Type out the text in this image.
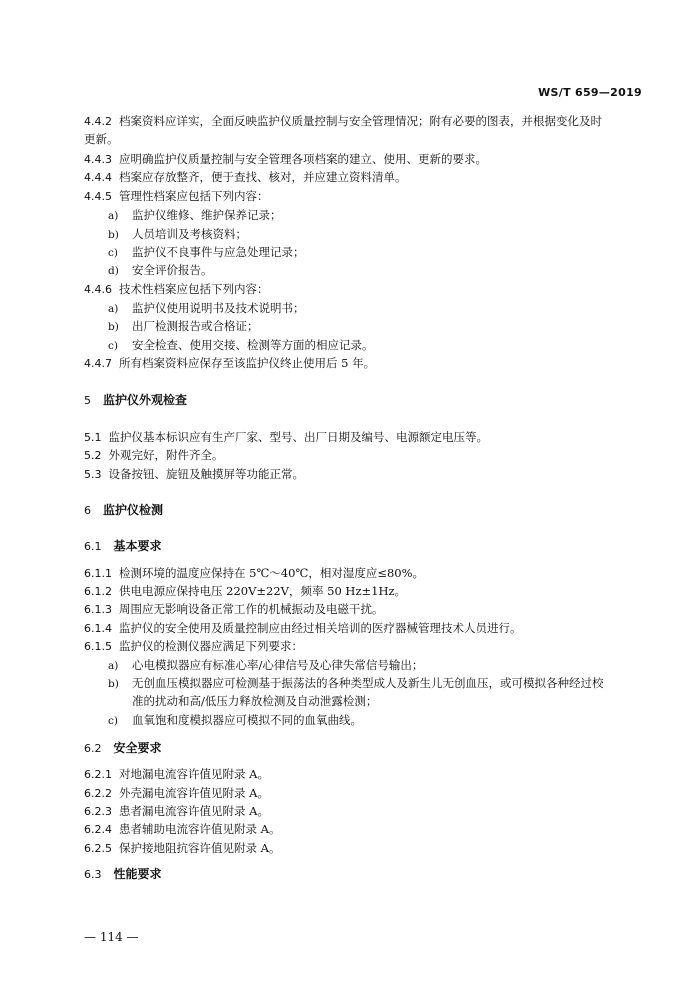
WS/T 659—2019
4.4.2 档案资料应详实，全面反映监护仪质量控制与安全管理情况；附有必要的图表，并根据变化及时
更新。
4.4.3 应明确监护仪质量控制与安全管理各项档案的建立、使用、更新的要求。
4.4.4 档案应存放整齐，便于查找、核对，并应建立资料清单。
4.4.5 管理性档案应包括下列内容：
a) 监护仪维修、维护保养记录；
b) 人员培训及考核资料；
c) 监护仪不良事件与应急处理记录；
d) 安全评价报告。
4.4.6 技术性档案应包括下列内容：
a) 监护仪使用说明书及技术说明书；
b) 出厂检测报告或合格证；
c) 安全检查、使用交接、检测等方面的相应记录。
4.4.7 所有档案资料应保存至该监护仪终止使用后 5 年。
5 监护仪外观检查
5.1 监护仪基本标识应有生产厂家、型号、出厂日期及编号、电源额定电压等。
5.2 外观完好，附件齐全。
5.3 设备按钮、旋钮及触摸屏等功能正常。
6 监护仪检测
6.1 基本要求
6.1.1 检测环境的温度应保持在 5℃～40℃，相对湿度应≤80%。
6.1.2 供电电源应保持电压 220V±22V，频率 50 Hz±1Hz。
6.1.3 周围应无影响设备正常工作的机械振动及电磁干扰。
6.1.4 监护仪的安全使用及质量控制应由经过相关培训的医疗器械管理技术人员进行。
6.1.5 监护仪的检测仪器应满足下列要求：
a) 心电模拟器应有标准心率/心律信号及心律失常信号输出；
b) 无创血压模拟器应可检测基于振荡法的各种类型成人及新生儿无创血压，或可模拟各种经过校
准的扰动和高/低压力释放检测及自动泄露检测；
c) 血氧饱和度模拟器应可模拟不同的血氧曲线。
6.2 安全要求
6.2.1 对地漏电流容许值见附录 A。
6.2.2 外壳漏电流容许值见附录 A。
6.2.3 患者漏电流容许值见附录 A。
6.2.4 患者辅助电流容许值见附录 A。
6.2.5 保护接地阻抗容许值见附录 A。
6.3 性能要求
— 114 —
